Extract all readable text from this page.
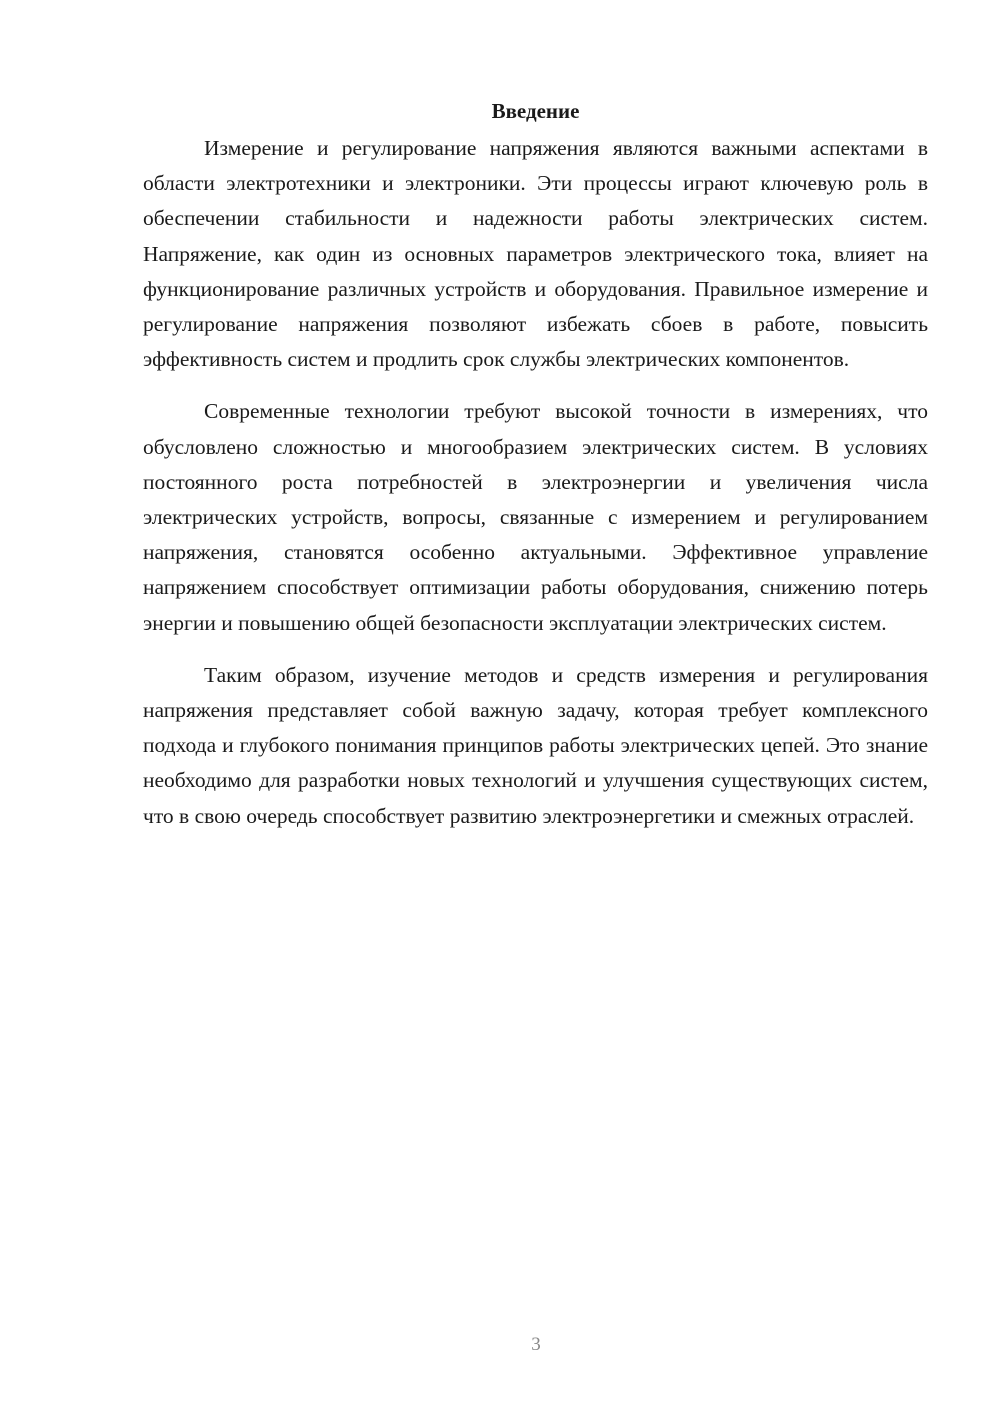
Введение

Измерение и регулирование напряжения являются важными аспектами в области электротехники и электроники. Эти процессы играют ключевую роль в обеспечении стабильности и надежности работы электрических систем. Напряжение, как один из основных параметров электрического тока, влияет на функционирование различных устройств и оборудования. Правильное измерение и регулирование напряжения позволяют избежать сбоев в работе, повысить эффективность систем и продлить срок службы электрических компонентов.

Современные технологии требуют высокой точности в измерениях, что обусловлено сложностью и многообразием электрических систем. В условиях постоянного роста потребностей в электроэнергии и увеличения числа электрических устройств, вопросы, связанные с измерением и регулированием напряжения, становятся особенно актуальными. Эффективное управление напряжением способствует оптимизации работы оборудования, снижению потерь энергии и повышению общей безопасности эксплуатации электрических систем.

Таким образом, изучение методов и средств измерения и регулирования напряжения представляет собой важную задачу, которая требует комплексного подхода и глубокого понимания принципов работы электрических цепей. Это знание необходимо для разработки новых технологий и улучшения существующих систем, что в свою очередь способствует развитию электроэнергетики и смежных отраслей.

3
